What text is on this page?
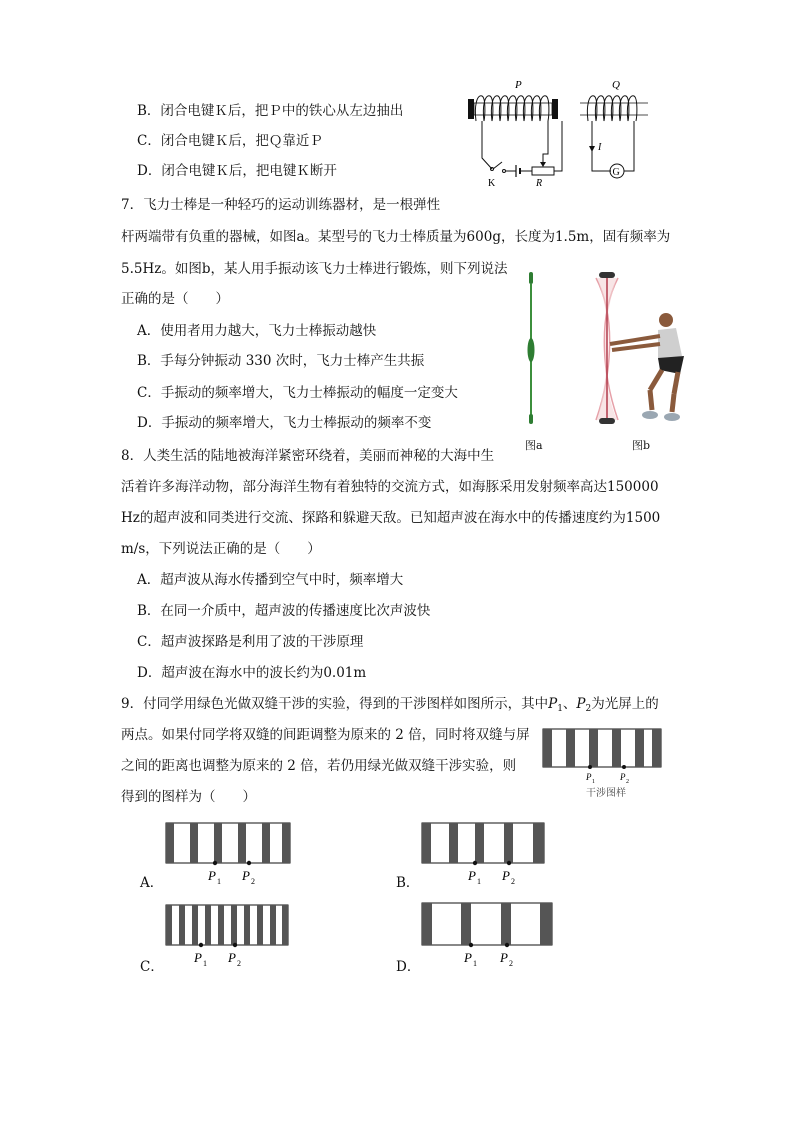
B．闭合电键Ｋ后，把Ｐ中的铁心从左边抽出
C．闭合电键Ｋ后，把Ｑ靠近Ｐ
D．闭合电键Ｋ后，把电键Ｋ断开
P
K	R
Q
I
G
7．飞力士棒是一种轻巧的运动训练器材，是一根弹性
杆两端带有负重的器械，如图a。某型号的飞力士棒质量为600g，长度为1.5m，固有频率为
5.5Hz。如图b，某人用手振动该飞力士棒进行锻炼，则下列说法
正确的是（　　）
A．使用者用力越大，飞力士棒振动越快
B．手每分钟振动 330 次时，飞力士棒产生共振
C．手振动的频率增大，飞力士棒振动的幅度一定变大
D．手振动的频率增大，飞力士棒振动的频率不变
图a	图b
8．人类生活的陆地被海洋紧密环绕着，美丽而神秘的大海中生
活着许多海洋动物，部分海洋生物有着独特的交流方式，如海豚采用发射频率高达150000
Hz的超声波和同类进行交流、探路和躲避天敌。已知超声波在海水中的传播速度约为1500
m/s，下列说法正确的是（　　）
A．超声波从海水传播到空气中时，频率增大
B．在同一介质中，超声波的传播速度比次声波快
C．超声波探路是利用了波的干涉原理
D．超声波在海水中的波长约为0.01m
9．付同学用绿色光做双缝干涉的实验，得到的干涉图样如图所示，其中$P_1$、$P_2$为光屏上的
两点。如果付同学将双缝的间距调整为原来的 2 倍，同时将双缝与屏
之间的距离也调整为原来的 2 倍，若仍用绿光做双缝干涉实验，则
得到的图样为（　　）
P 1	P 2
干涉图样
A．	P 1 P 2	B．	P 1 P 2
C．
P 1 P 2	D．
P 1 P 2
